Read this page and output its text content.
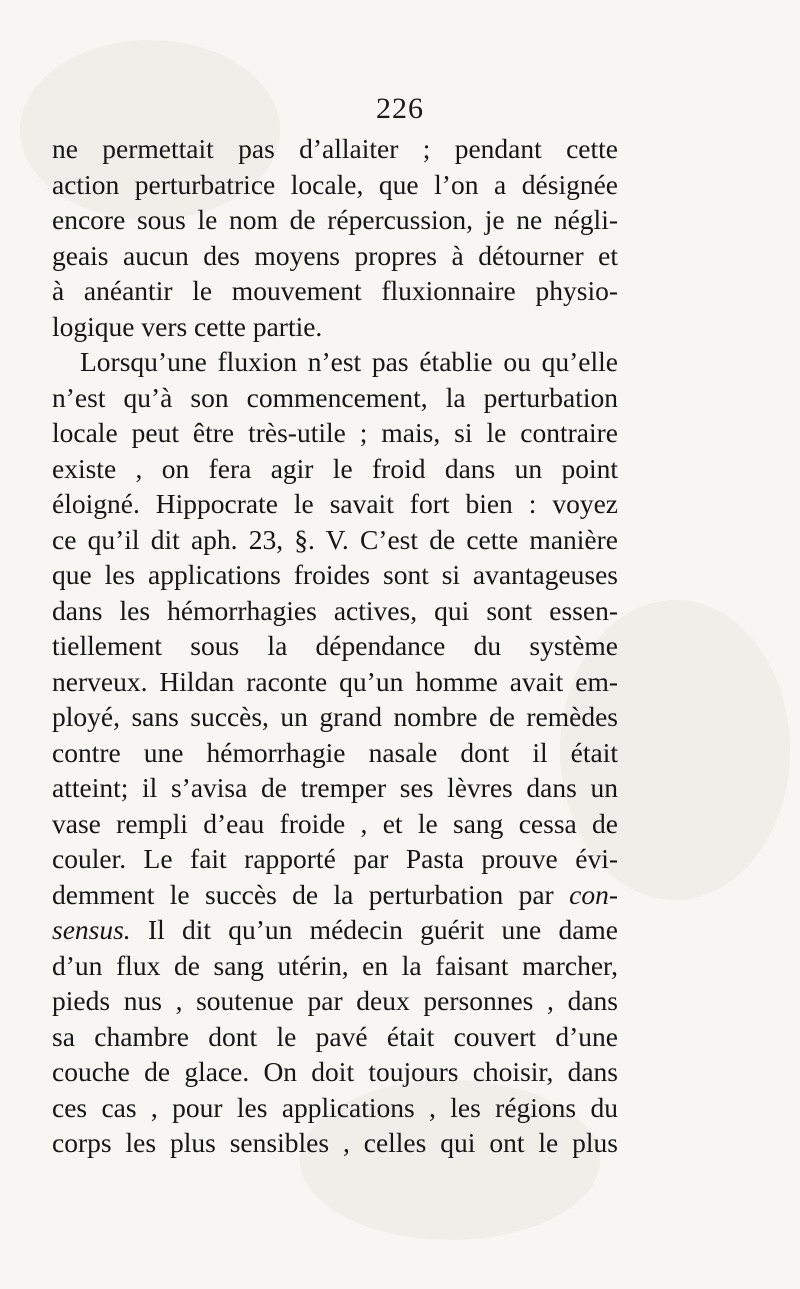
226
ne permettait pas d’allaiter ; pendant cette
action perturbatrice locale, que l’on a désignée
encore sous le nom de répercussion, je ne négli-
geais aucun des moyens propres à détourner et
à anéantir le mouvement fluxionnaire physio-
logique vers cette partie.
Lorsqu’une fluxion n’est pas établie ou qu’elle
n’est qu’à son commencement, la perturbation
locale peut être très-utile ; mais, si le contraire
existe , on fera agir le froid dans un point
éloigné. Hippocrate le savait fort bien : voyez
ce qu’il dit aph. 23, §. V. C’est de cette manière
que les applications froides sont si avantageuses
dans les hémorrhagies actives, qui sont essen-
tiellement sous la dépendance du système
nerveux. Hildan raconte qu’un homme avait em-
ployé, sans succès, un grand nombre de remèdes
contre une hémorrhagie nasale dont il était
atteint; il s’avisa de tremper ses lèvres dans un
vase rempli d’eau froide , et le sang cessa de
couler. Le fait rapporté par Pasta prouve évi-
demment le succès de la perturbation par con-
sensus. Il dit qu’un médecin guérit une dame
d’un flux de sang utérin, en la faisant marcher,
pieds nus , soutenue par deux personnes , dans
sa chambre dont le pavé était couvert d’une
couche de glace. On doit toujours choisir, dans
ces cas , pour les applications , les régions du
corps les plus sensibles , celles qui ont le plus
